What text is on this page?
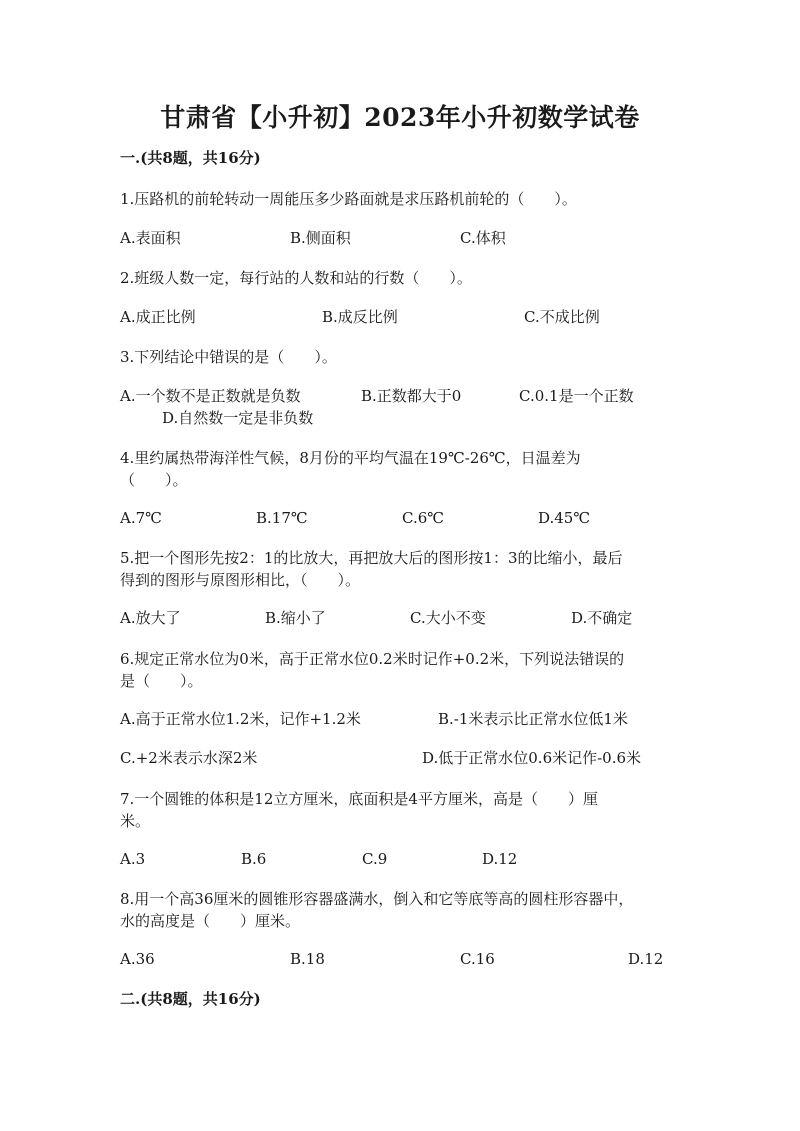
甘肃省【小升初】2023年小升初数学试卷
一.(共8题，共16分)
1.压路机的前轮转动一周能压多少路面就是求压路机前轮的（　　）。
A.表面积	B.侧面积	C.体积
2.班级人数一定，每行站的人数和站的行数（　　）。
A.成正比例	B.成反比例	C.不成比例
3.下列结论中错误的是（　　）。
A.一个数不是正数就是负数	B.正数都大于0	C.0.1是一个正数
D.自然数一定是非负数
4.里约属热带海洋性气候，8月份的平均气温在19℃-26℃，日温差为
（　　）。
A.7℃	B.17℃	C.6℃	D.45℃
5.把一个图形先按2：1的比放大，再把放大后的图形按1：3的比缩小，最后
得到的图形与原图形相比，（　　）。
A.放大了	B.缩小了	C.大小不变	D.不确定
6.规定正常水位为0米，高于正常水位0.2米时记作+0.2米，下列说法错误的
是（　　）。
A.高于正常水位1.2米，记作+1.2米	B.-1米表示比正常水位低1米
C.+2米表示水深2米	D.低于正常水位0.6米记作-0.6米
7.一个圆锥的体积是12立方厘米，底面积是4平方厘米，高是（　　）厘
米。
A.3	B.6	C.9	D.12
8.用一个高36厘米的圆锥形容器盛满水，倒入和它等底等高的圆柱形容器中，
水的高度是（　　）厘米。
A.36	B.18	C.16	D.12
二.(共8题，共16分)
